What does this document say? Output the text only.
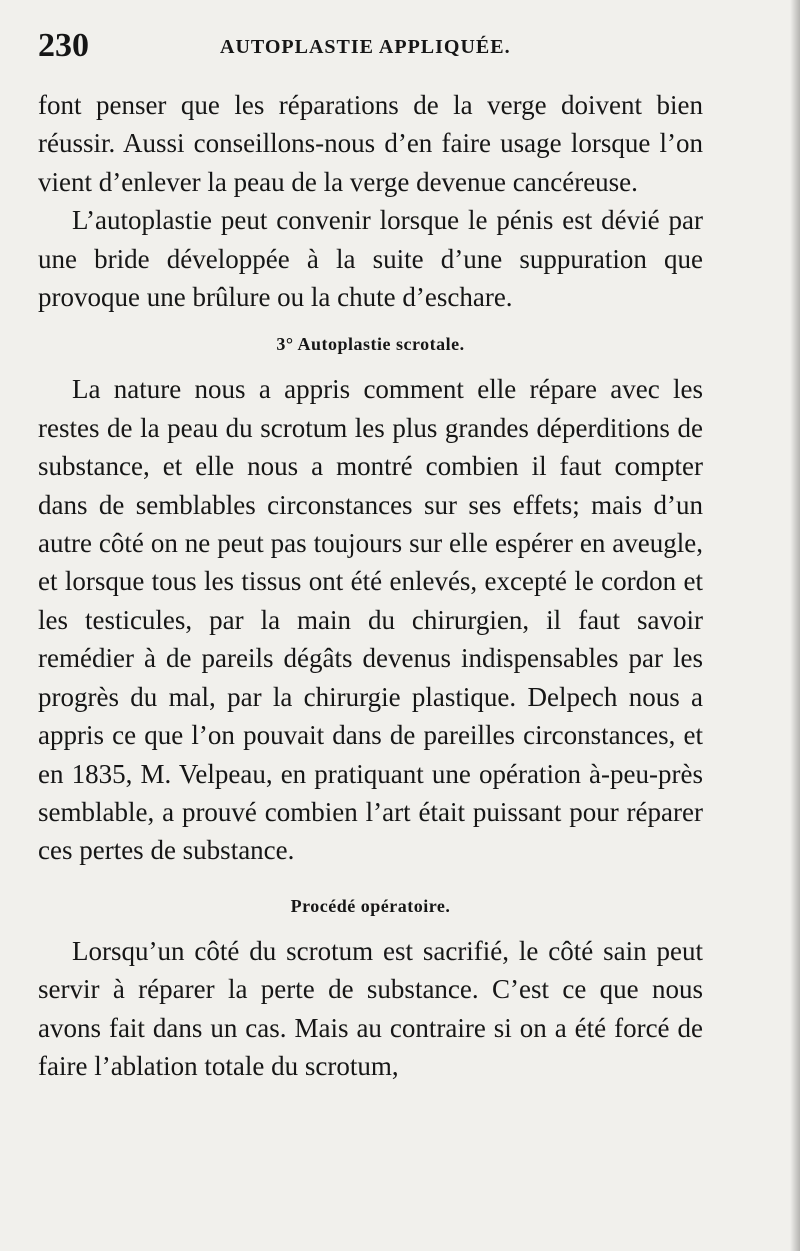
230	AUTOPLASTIE APPLIQUÉE.

font penser que les réparations de la verge doivent bien réussir. Aussi conseillons-nous d’en faire usage lorsque l’on vient d’enlever la peau de la verge devenue cancéreuse.

L’autoplastie peut convenir lorsque le pénis est dévié par une bride développée à la suite d’une suppuration que provoque une brûlure ou la chute d’eschare.

3° Autoplastie scrotale.

La nature nous a appris comment elle répare avec les restes de la peau du scrotum les plus grandes déperditions de substance, et elle nous a montré combien il faut compter dans de semblables circonstances sur ses effets; mais d’un autre côté on ne peut pas toujours sur elle espérer en aveugle, et lorsque tous les tissus ont été enlevés, excepté le cordon et les testicules, par la main du chirurgien, il faut savoir remédier à de pareils dégâts devenus indispensables par les progrès du mal, par la chirurgie plastique. Delpech nous a appris ce que l’on pouvait dans de pareilles circonstances, et en 1835, M. Velpeau, en pratiquant une opération à-peu-près semblable, a prouvé combien l’art était puissant pour réparer ces pertes de substance.

Procédé opératoire.

Lorsqu’un côté du scrotum est sacrifié, le côté sain peut servir à réparer la perte de substance. C’est ce que nous avons fait dans un cas. Mais au contraire si on a été forcé de faire l’ablation totale du scrotum,
